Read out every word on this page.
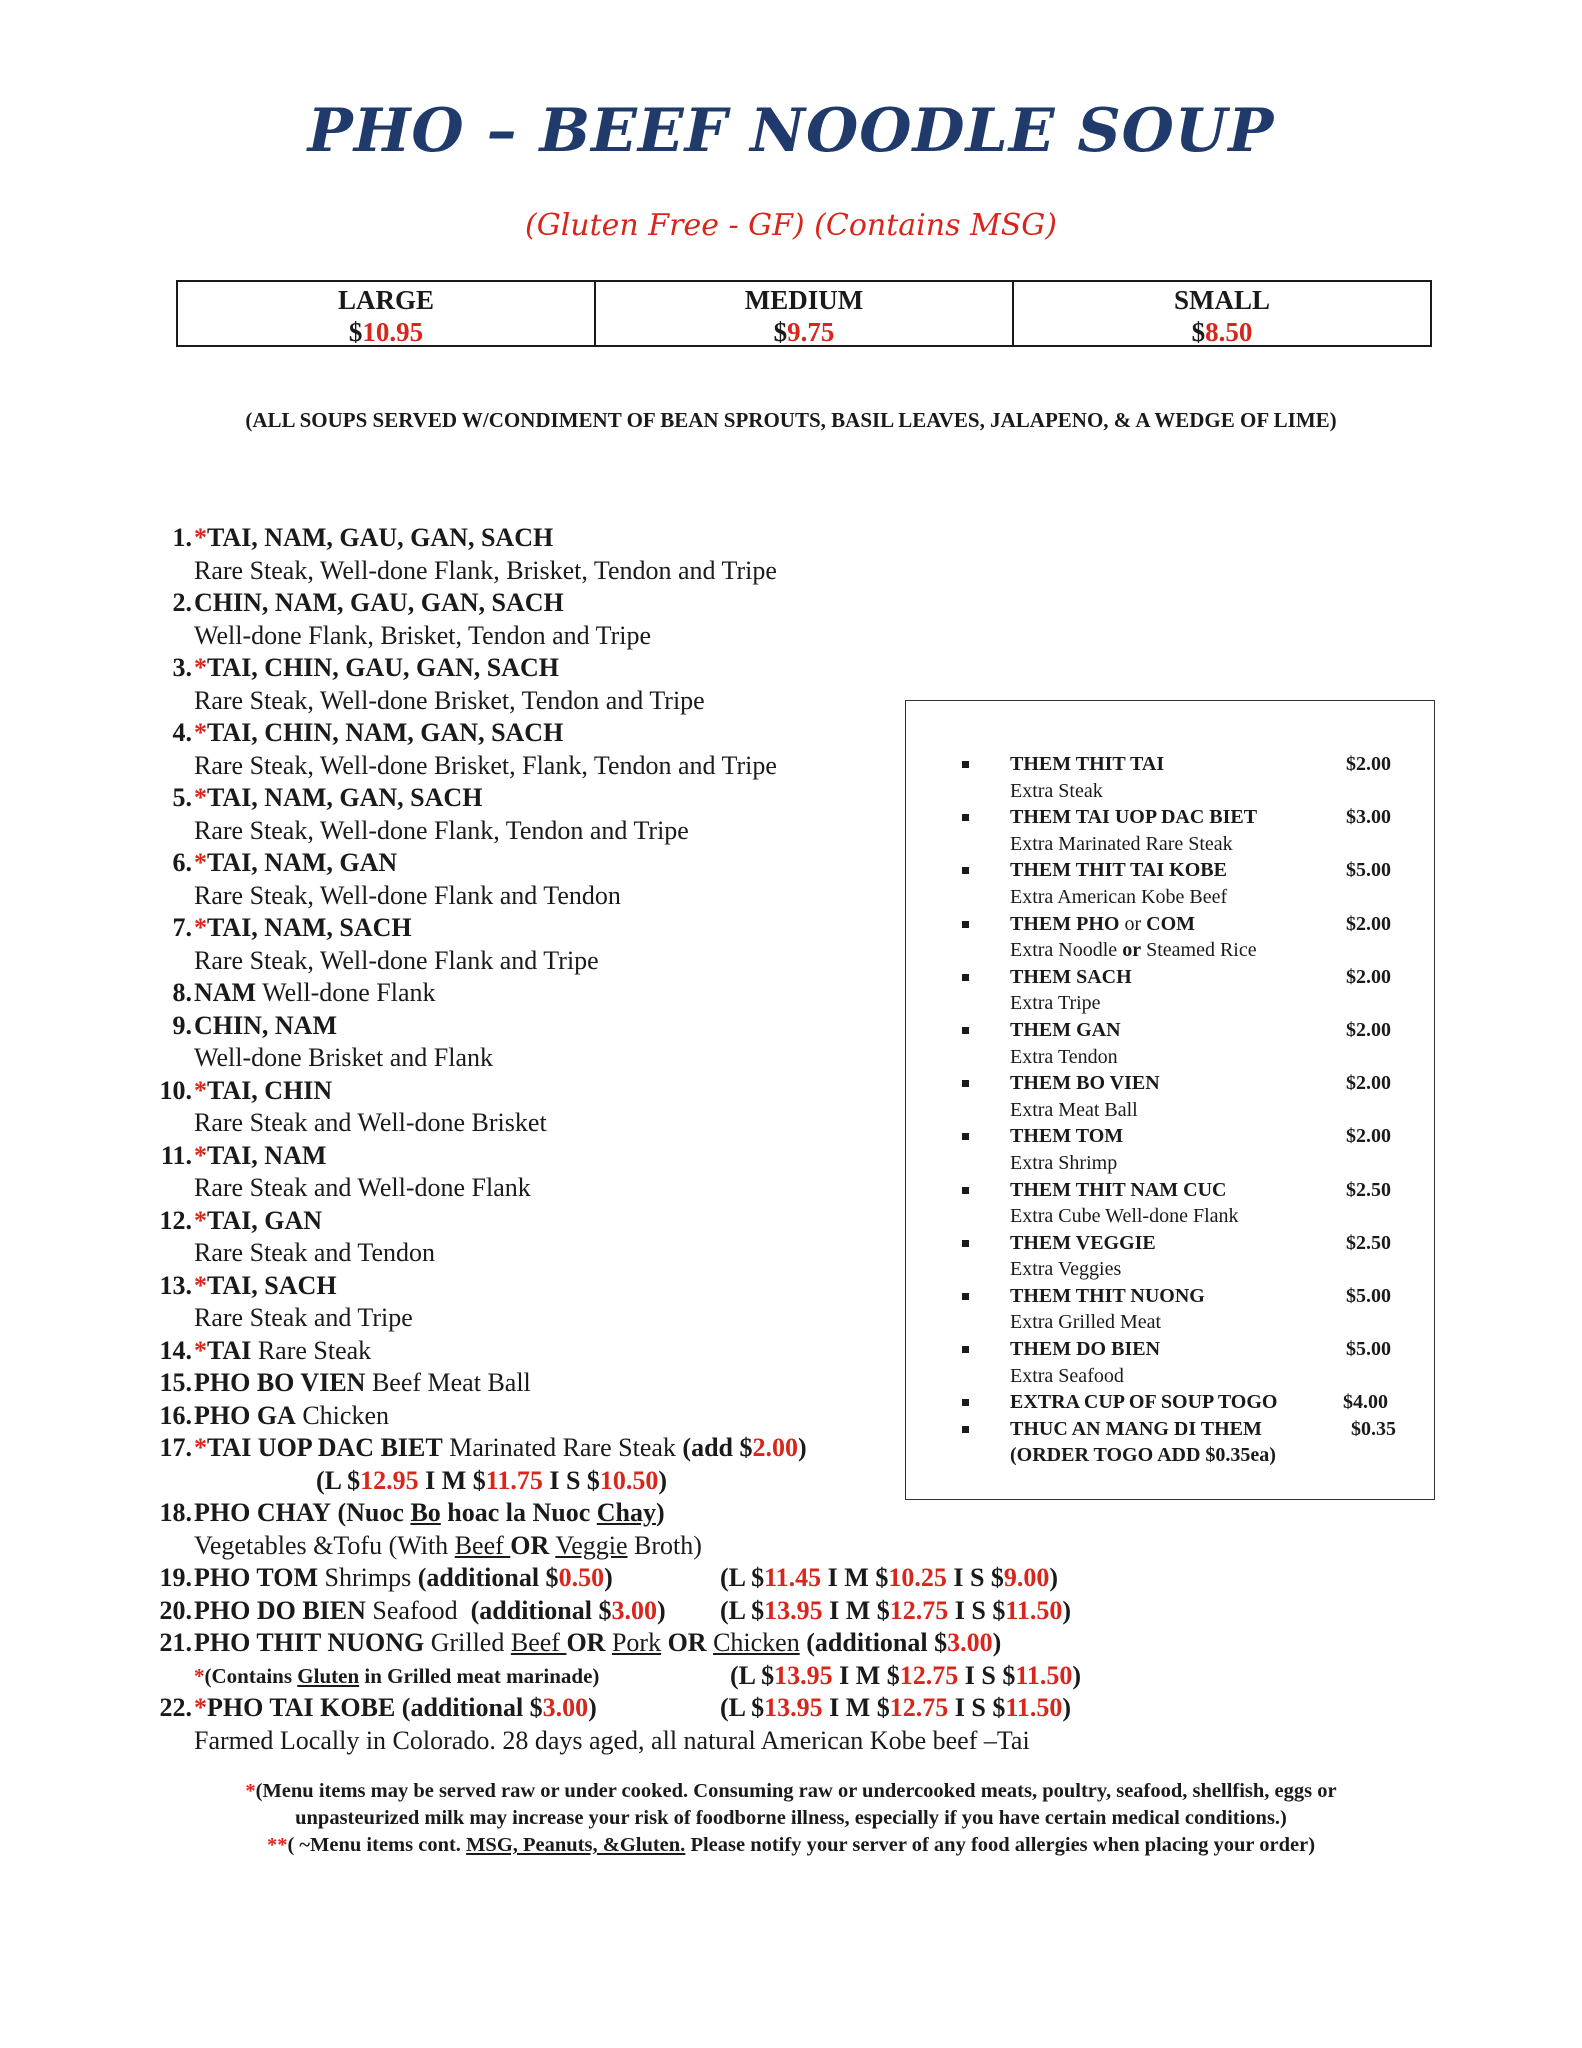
PHO – BEEF NOODLE SOUP
(Gluten Free - GF) (Contains MSG)
LARGE
$10.95
MEDIUM
$9.75
SMALL
$8.50
(ALL SOUPS SERVED W/CONDIMENT OF BEAN SPROUTS, BASIL LEAVES, JALAPENO, & A WEDGE OF LIME)
1. *TAI, NAM, GAU, GAN, SACH
Rare Steak, Well-done Flank, Brisket, Tendon and Tripe
2. CHIN, NAM, GAU, GAN, SACH
Well-done Flank, Brisket, Tendon and Tripe
3. *TAI, CHIN, GAU, GAN, SACH
Rare Steak, Well-done Brisket, Tendon and Tripe
4. *TAI, CHIN, NAM, GAN, SACH
Rare Steak, Well-done Brisket, Flank, Tendon and Tripe
5. *TAI, NAM, GAN, SACH
Rare Steak, Well-done Flank, Tendon and Tripe
6. *TAI, NAM, GAN
Rare Steak, Well-done Flank and Tendon
7. *TAI, NAM, SACH
Rare Steak, Well-done Flank and Tripe
8. NAM Well-done Flank
9. CHIN, NAM
Well-done Brisket and Flank
10. *TAI, CHIN
Rare Steak and Well-done Brisket
11. *TAI, NAM
Rare Steak and Well-done Flank
12. *TAI, GAN
Rare Steak and Tendon
13. *TAI, SACH
Rare Steak and Tripe
14. *TAI Rare Steak
15. PHO BO VIEN Beef Meat Ball
16. PHO GA Chicken
17. *TAI UOP DAC BIET Marinated Rare Steak (add $2.00)
(L $12.95 I M $11.75 I S $10.50)
18. PHO CHAY (Nuoc Bo hoac la Nuoc Chay)
Vegetables &Tofu (With Beef OR Veggie Broth)
19. PHO TOM Shrimps (additional $0.50)	(L $11.45 I M $10.25 I S $9.00)
20. PHO DO BIEN Seafood (additional $3.00) (L $13.95 I M $12.75 I S $11.50)
21. PHO THIT NUONG Grilled Beef OR Pork OR Chicken (additional $3.00)
*(Contains Gluten in Grilled meat marinade)	(L $13.95 I M $12.75 I S $11.50)
22. *PHO TAI KOBE (additional $3.00)	(L $13.95 I M $12.75 I S $11.50)
Farmed Locally in Colorado. 28 days aged, all natural American Kobe beef –Tai
THEM THIT TAI	$2.00
Extra Steak
THEM TAI UOP DAC BIET	$3.00
Extra Marinated Rare Steak
THEM THIT TAI KOBE	$5.00
Extra American Kobe Beef
THEM PHO or COM	$2.00
Extra Noodle or Steamed Rice
THEM SACH	$2.00
Extra Tripe
THEM GAN	$2.00
Extra Tendon
THEM BO VIEN	$2.00
Extra Meat Ball
THEM TOM	$2.00
Extra Shrimp
THEM THIT NAM CUC	$2.50
Extra Cube Well-done Flank
THEM VEGGIE	$2.50
Extra Veggies
THEM THIT NUONG	$5.00
Extra Grilled Meat
THEM DO BIEN	$5.00
Extra Seafood
EXTRA CUP OF SOUP TOGO	$4.00
THUC AN MANG DI THEM	$0.35
(ORDER TOGO ADD $0.35ea)
*(Menu items may be served raw or under cooked. Consuming raw or undercooked meats, poultry, seafood, shellfish, eggs or
unpasteurized milk may increase your risk of foodborne illness, especially if you have certain medical conditions.)
**( ~Menu items cont. MSG, Peanuts, &Gluten. Please notify your server of any food allergies when placing your order)
